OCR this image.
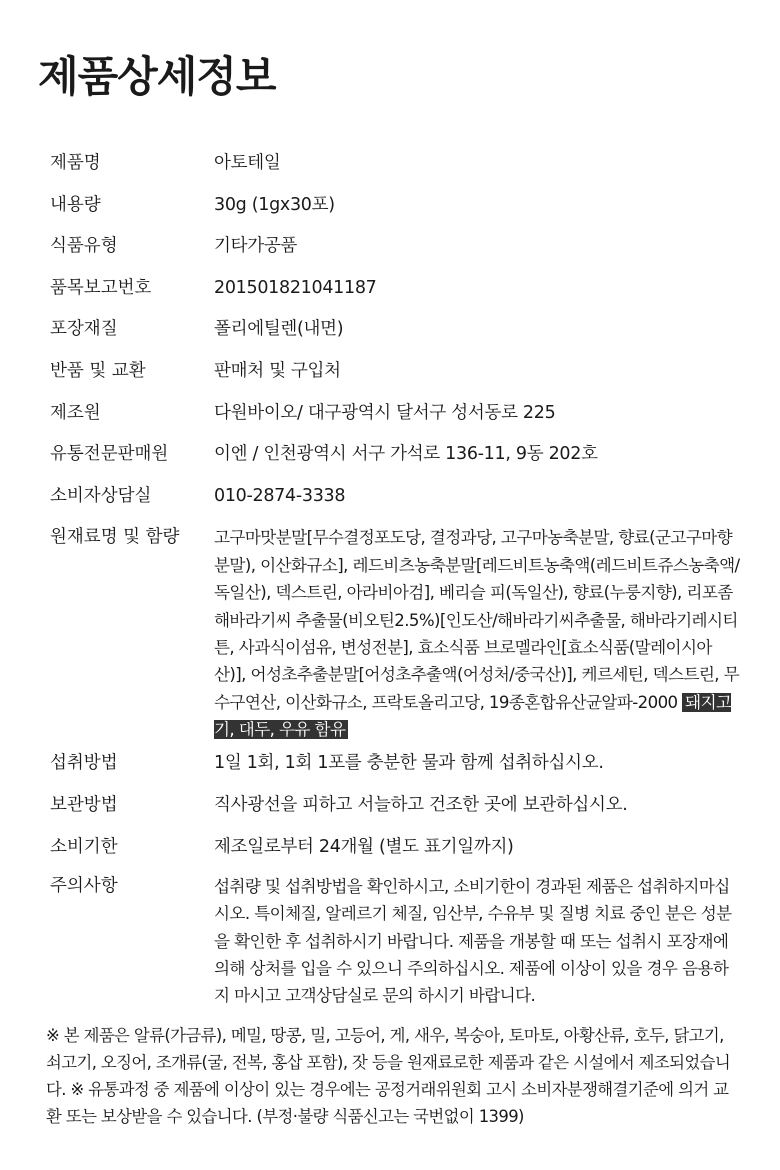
제품상세정보
제품명	아토테일
내용량	30g (1gx30포)
식품유형	기타가공품
품목보고번호	201501821041187
포장재질	폴리에틸렌(내면)
반품 및 교환	판매처 및 구입처
제조원	다원바이오/ 대구광역시 달서구 성서동로 225
유통전문판매원	이엔 / 인천광역시 서구 가석로 136-11, 9동 202호
소비자상담실	010-2874-3338
원재료명 및 함량	고구마맛분말[무수결정포도당, 결정과당, 고구마농축분말, 향료(군고구마향분말), 이산화규소], 레드비츠농축분말[레드비트농축액(레드비트쥬스농축액/독일산), 덱스트린, 아라비아검], 베리슬 피(독일산), 향료(누룽지향), 리포좀 해바라기씨 추출물(비오틴2.5%)[인도산/해바라기씨추출물, 해바라기레시티튼, 사과식이섬유, 변성전분], 효소식품 브로멜라인[효소식품(말레이시아산)], 어성초추출분말[어성초추출액(어성처/중국산)], 케르세틴, 덱스트린, 무수구연산, 이산화규소, 프락토올리고당, 19종혼합유산균알파-2000 돼지고기, 대두, 우유 함유
섭취방법	1일 1회, 1회 1포를 충분한 물과 함께 섭취하십시오.
보관방법	직사광선을 피하고 서늘하고 건조한 곳에 보관하십시오.
소비기한	제조일로부터 24개월 (별도 표기일까지)
주의사항	섭취량 및 섭취방법을 확인하시고, 소비기한이 경과된 제품은 섭취하지마십시오. 특이체질, 알레르기 체질, 임산부, 수유부 및 질병 치료 중인 분은 성분을 확인한 후 섭취하시기 바랍니다. 제품을 개봉할 때 또는 섭취시 포장재에 의해 상처를 입을 수 있으니 주의하십시오. 제품에 이상이 있을 경우 음용하지 마시고 고객상담실로 문의 하시기 바랍니다.

※ 본 제품은 알류(가금류), 메밀, 땅콩, 밀, 고등어, 게, 새우, 복숭아, 토마토, 아황산류, 호두, 닭고기, 쇠고기, 오징어, 조개류(굴, 전복, 홍삽 포함), 잣 등을 원재료로한 제품과 같은 시설에서 제조되었습니다. ※ 유통과정 중 제품에 이상이 있는 경우에는 공정거래위원회 고시 소비자분쟁해결기준에 의거 교환 또는 보상받을 수 있습니다. (부정·불량 식품신고는 국번없이 1399)
